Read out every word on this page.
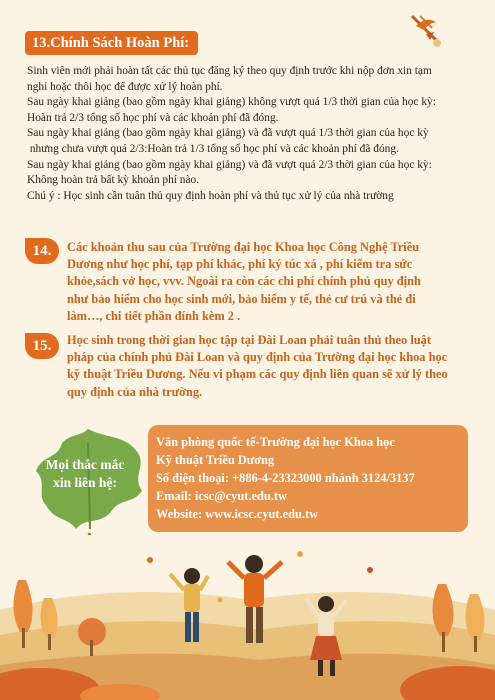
13.Chính Sách Hoàn Phí:
Sinh viên mới phải hoàn tất các thủ tục đăng ký theo quy định trước khi nộp đơn xin tạm
nghỉ hoặc thôi học để được xử lý hoàn phí.
Sau ngày khai giảng (bao gồm ngày khai giảng) không vượt quá 1/3 thời gian của học kỳ:
Hoàn trả 2/3 tổng số học phí và các khoản phí đã đóng.
Sau ngày khai giảng (bao gồm ngày khai giảng) và đã vượt quá 1/3 thời gian của học kỳ
nhưng chưa vượt quá 2/3:Hoàn trả 1/3 tổng số học phí và các khoản phí đã đóng.
Sau ngày khai giảng (bao gồm ngày khai giảng) và đã vượt quá 2/3 thời gian của học kỳ:
Không hoàn trả bất kỳ khoản phí nào.
Chú ý : Học sinh cần tuân thủ quy định hoàn phí và thủ tục xử lý của nhà trường
14.	Các khoản thu sau của Trường đại học Khoa học Công Nghệ Triều
Dương như học phí, tạp phí khác, phí ký túc xá , phí kiểm tra sức
khỏe,sách vở học, vvv. Ngoài ra còn các chi phí chính phủ quy định
như bảo hiểm cho học sinh mới, bảo hiểm y tế, thẻ cư trú và thẻ đi
làm…, chi tiết phần đính kèm 2 .
15.	Học sinh trong thời gian học tập tại Đài Loan phải tuân thủ theo luật
pháp của chính phủ Đài Loan và quy định của Trường đại học khoa học
kỹ thuật Triều Dương. Nếu vi phạm các quy định liên quan sẽ xử lý theo
quy định của nhà trường.
Mọi thắc mắc
xin liên hệ:
Văn phòng quốc tế-Trường đại học Khoa học
Kỹ thuật Triều Dương
Số điện thoại: +886-4-23323000 nhánh 3124/3137
Email: icsc@cyut.edu.tw
Website: www.icsc.cyut.edu.tw
